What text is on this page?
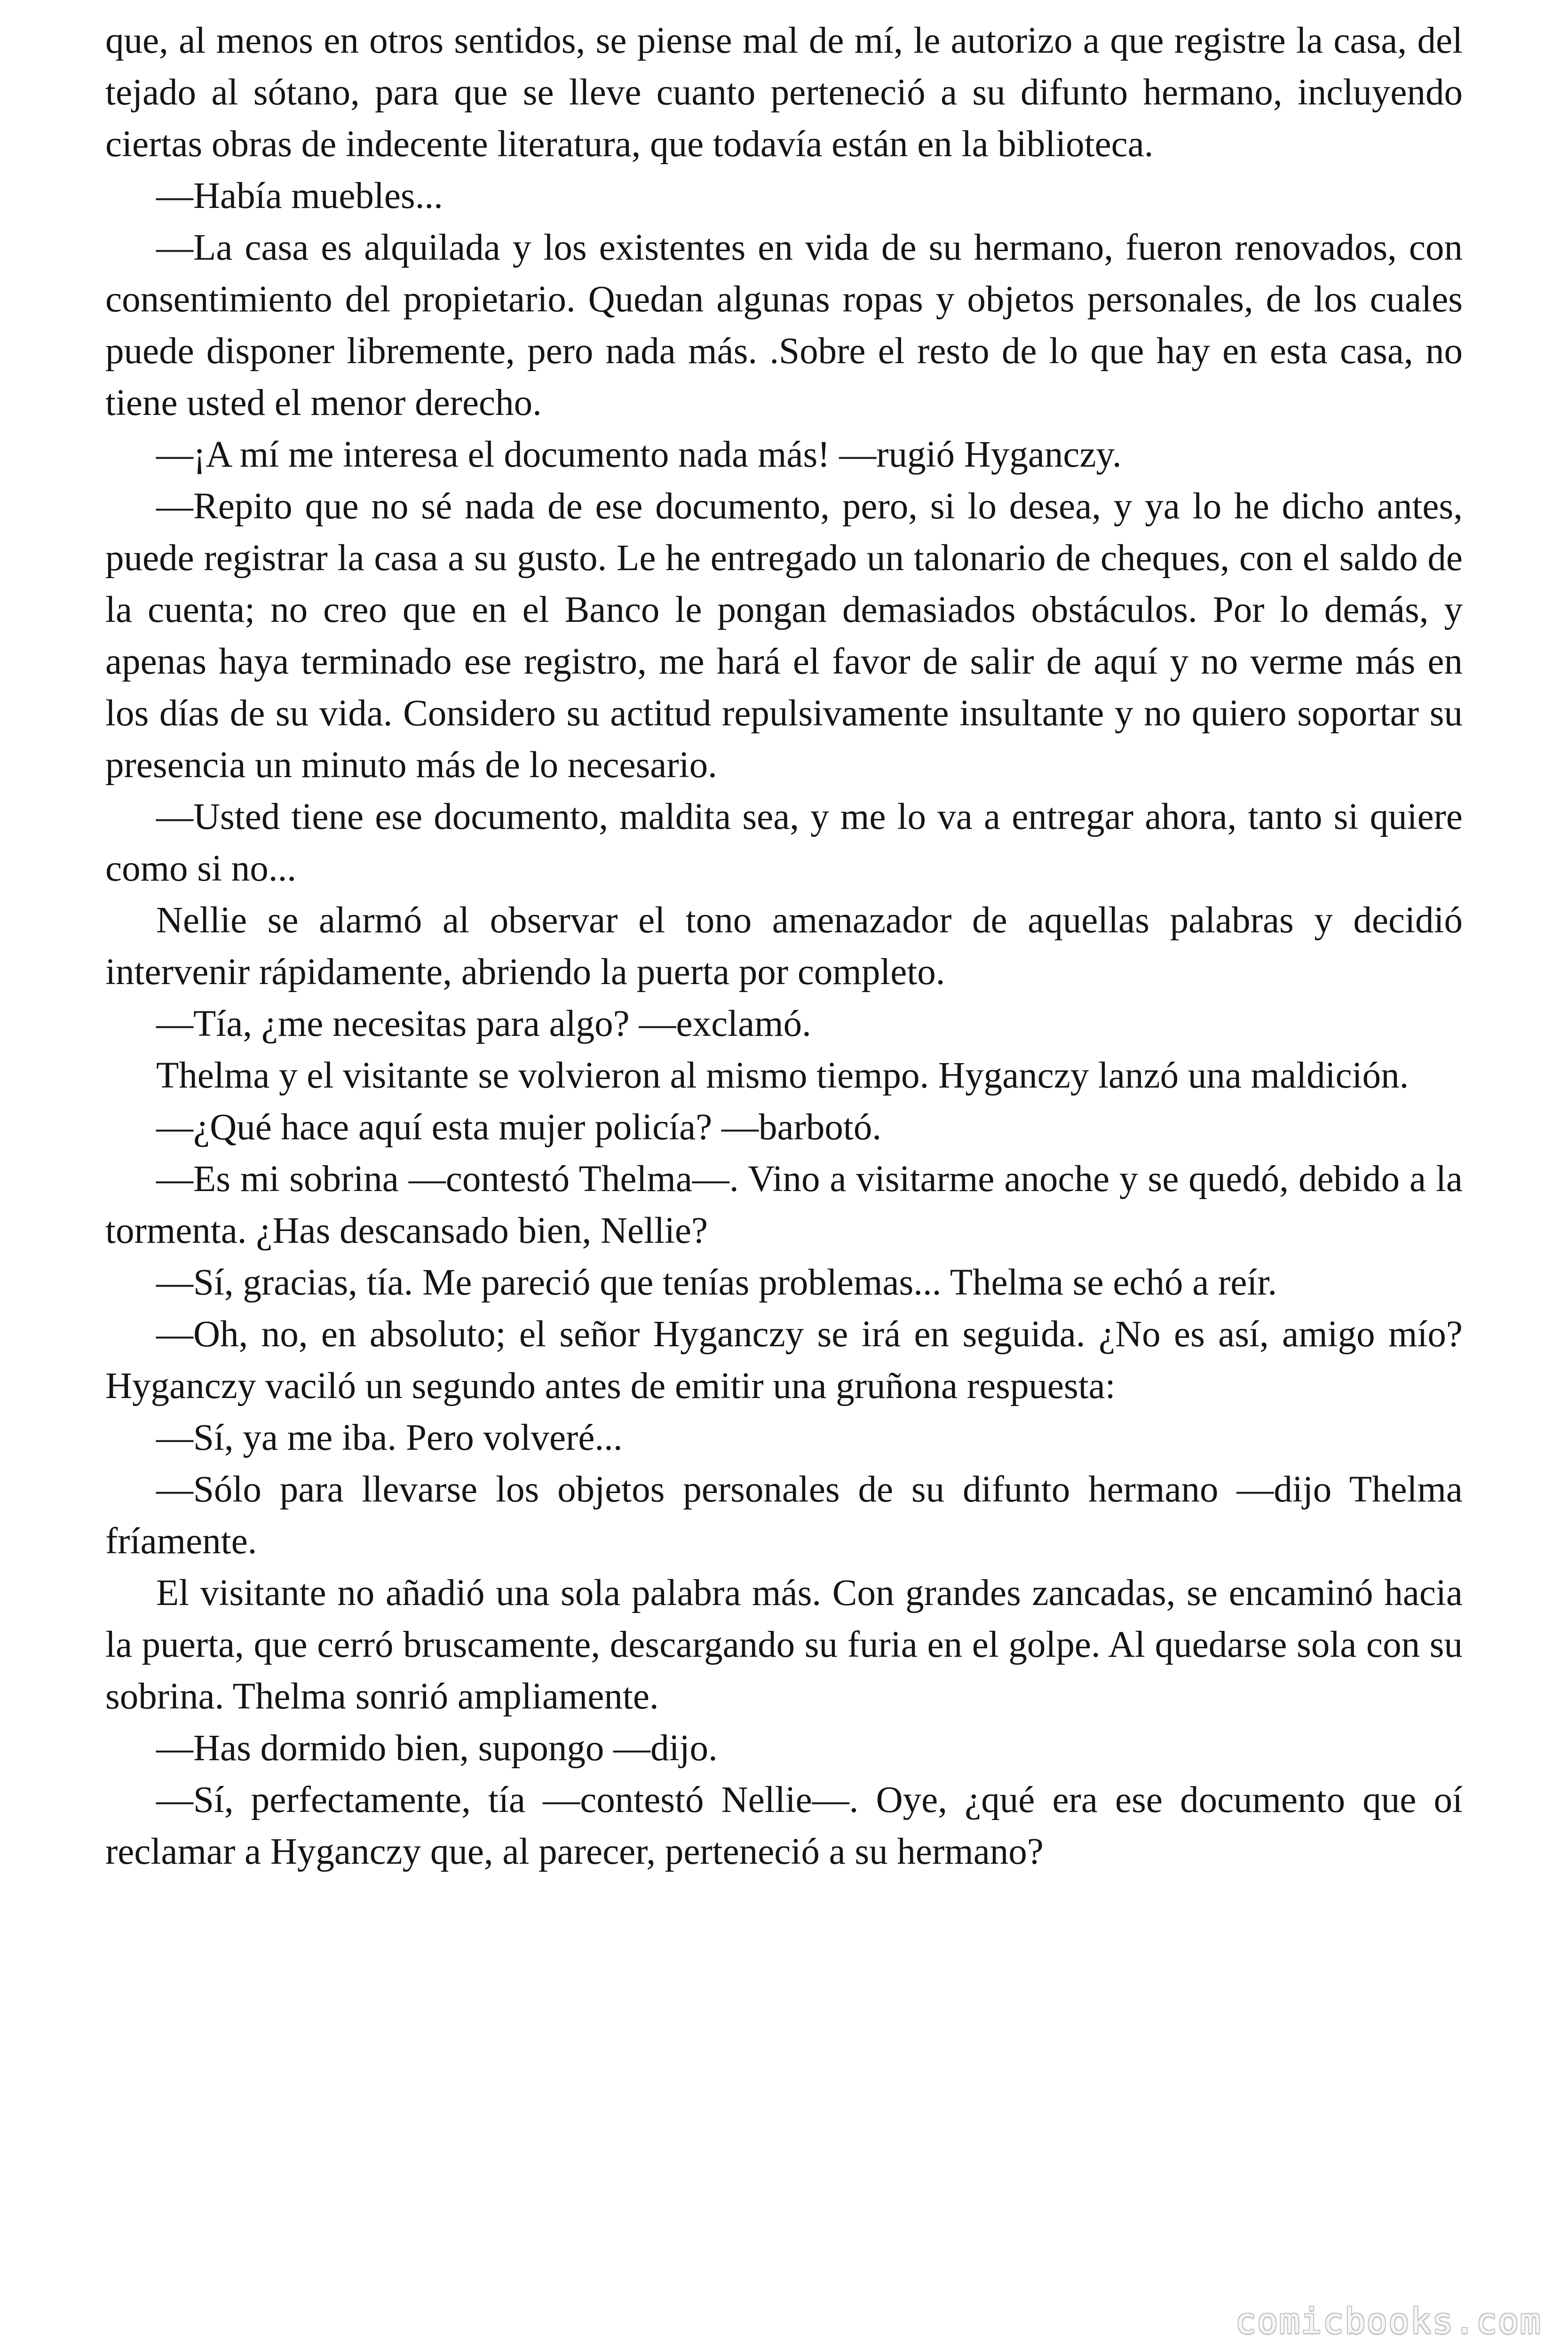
que, al menos en otros sentidos, se piense mal de mí, le autorizo a que registre la casa, del tejado al sótano, para que se lleve cuanto perteneció a su difunto hermano, incluyendo ciertas obras de indecente literatura, que todavía están en la biblioteca.

—Había muebles...

—La casa es alquilada y los existentes en vida de su hermano, fueron renovados, con consentimiento del propietario. Quedan algunas ropas y objetos personales, de los cuales puede disponer libremente, pero nada más. .Sobre el resto de lo que hay en esta casa, no tiene usted el menor derecho.

—¡A mí me interesa el documento nada más! —rugió Hyganczy.

—Repito que no sé nada de ese documento, pero, si lo desea, y ya lo he dicho antes, puede registrar la casa a su gusto. Le he entregado un talonario de cheques, con el saldo de la cuenta; no creo que en el Banco le pongan demasiados obstáculos. Por lo demás, y apenas haya terminado ese registro, me hará el favor de salir de aquí y no verme más en los días de su vida. Considero su actitud repulsivamente insultante y no quiero soportar su presencia un minuto más de lo necesario.

—Usted tiene ese documento, maldita sea, y me lo va a entregar ahora, tanto si quiere como si no...

Nellie se alarmó al observar el tono amenazador de aquellas palabras y decidió intervenir rápidamente, abriendo la puerta por completo.

—Tía, ¿me necesitas para algo? —exclamó.

Thelma y el visitante se volvieron al mismo tiempo. Hyganczy lanzó una maldición.

—¿Qué hace aquí esta mujer policía? —barbotó.

—Es mi sobrina —contestó Thelma—. Vino a visitarme anoche y se quedó, debido a la tormenta. ¿Has descansado bien, Nellie?

—Sí, gracias, tía. Me pareció que tenías problemas... Thelma se echó a reír.

—Oh, no, en absoluto; el señor Hyganczy se irá en seguida. ¿No es así, amigo mío? Hyganczy vaciló un segundo antes de emitir una gruñona respuesta:

—Sí, ya me iba. Pero volveré...

—Sólo para llevarse los objetos personales de su difunto hermano —dijo Thelma fríamente.

El visitante no añadió una sola palabra más. Con grandes zancadas, se encaminó hacia la puerta, que cerró bruscamente, descargando su furia en el golpe. Al quedarse sola con su sobrina. Thelma sonrió ampliamente.

—Has dormido bien, supongo —dijo.

—Sí, perfectamente, tía —contestó Nellie—. Oye, ¿qué era ese documento que oí reclamar a Hyganczy que, al parecer, perteneció a su hermano?

comicbooks.com
